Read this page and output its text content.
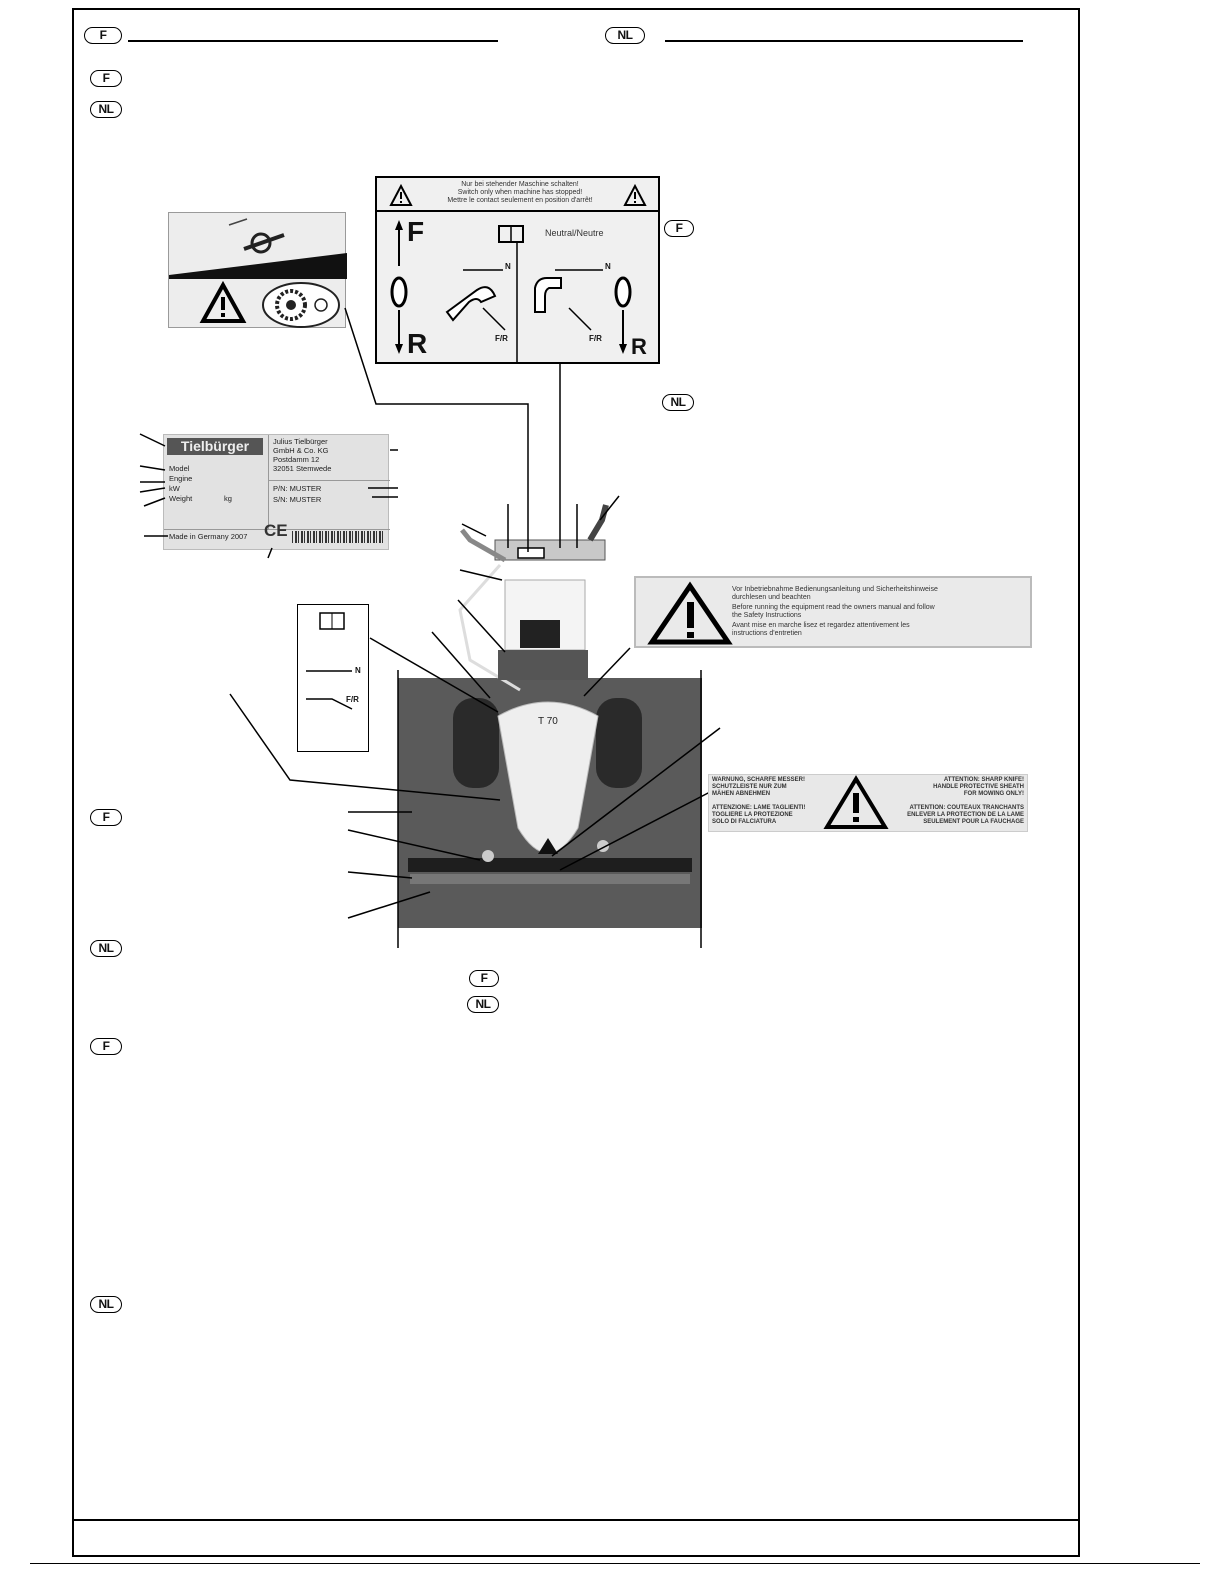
F	NL
F
NL
Nur bei stehender Maschine schalten!
Switch only when machine has stopped!
Mettre le contact seulement en position d'arrêt!
F
R	R
Neutral/Neutre
N	N
F/R	F/R
F
NL
Tielbürger
Model
Engine
kW
Weight	kg
Made in Germany 2007 CE
Julius Tielbürger
GmbH & Co. KG
Postdamm 12
32051 Stemwede
P/N: MUSTER
S/N: MUSTER
N
F/R
T 70
Vor Inbetriebnahme Bedienungsanleitung und Sicherheitshinweise
durchlesen und beachten
Before running the equipment read the owners manual and follow
the Safety Instructions
Avant mise en marche lisez et regardez attentivement les
instructions d'entretien
WARNUNG, SCHARFE MESSER!
SCHUTZLEISTE NUR ZUM
MÄHEN ABNEHMEN
ATTENZIONE: LAME TAGLIENTI!
TOGLIERE LA PROTEZIONE
SOLO DI FALCIATURA
ATTENTION: SHARP KNIFE!
HANDLE PROTECTIVE SHEATH
FOR MOWING ONLY!
ATTENTION: COUTEAUX TRANCHANTS
ENLEVER LA PROTECTION DE LA LAME
SEULEMENT POUR LA FAUCHAGE
F
NL
F
NL
F
NL
